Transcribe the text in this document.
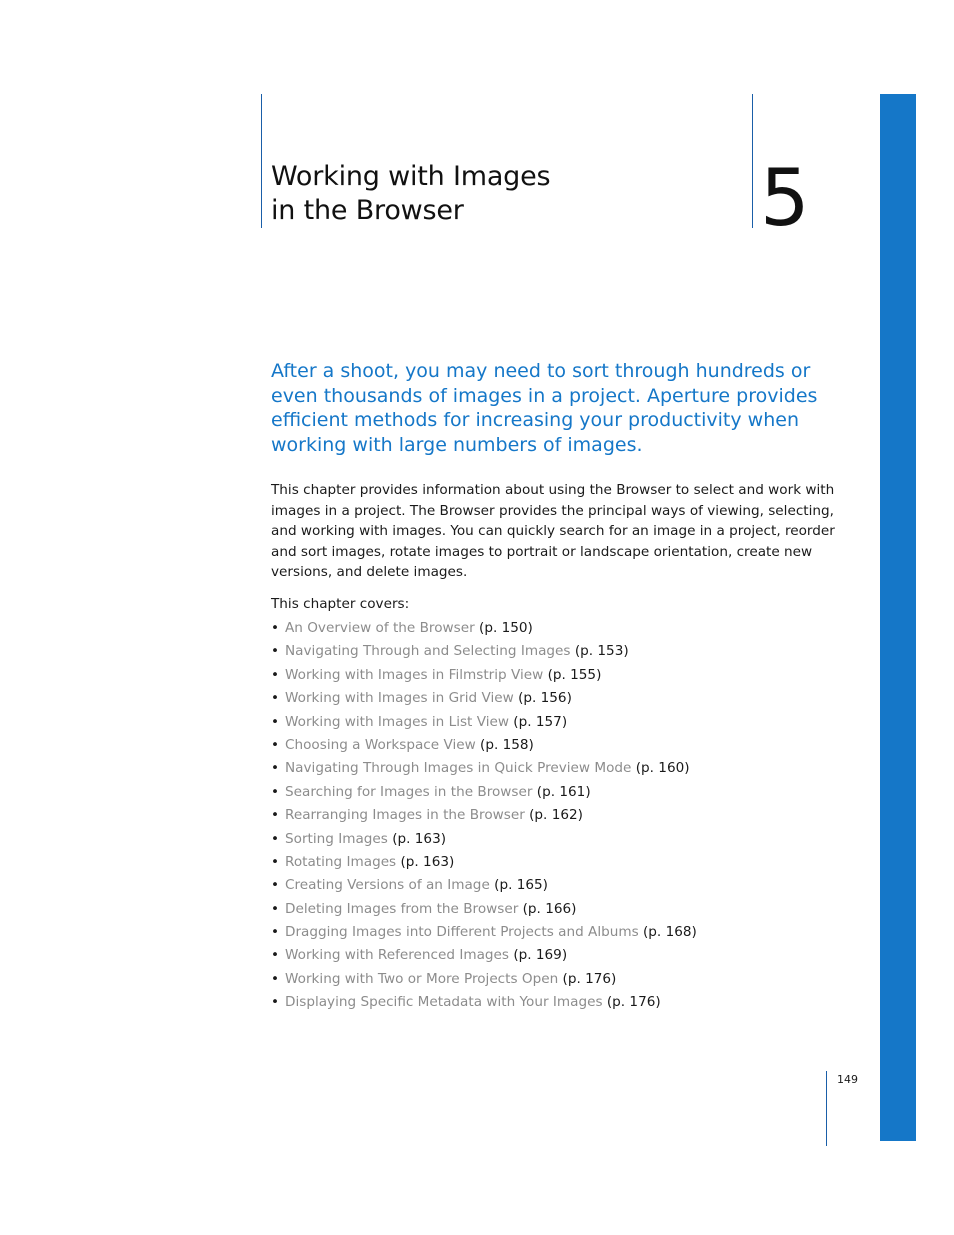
Working with Images
in the Browser	5

After a shoot, you may need to sort through hundreds or
even thousands of images in a project. Aperture provides
efficient methods for increasing your productivity when
working with large numbers of images.

This chapter provides information about using the Browser to select and work with
images in a project. The Browser provides the principal ways of viewing, selecting,
and working with images. You can quickly search for an image in a project, reorder
and sort images, rotate images to portrait or landscape orientation, create new
versions, and delete images.

This chapter covers:

• An Overview of the Browser (p. 150)
• Navigating Through and Selecting Images (p. 153)
• Working with Images in Filmstrip View (p. 155)
• Working with Images in Grid View (p. 156)
• Working with Images in List View (p. 157)
• Choosing a Workspace View (p. 158)
• Navigating Through Images in Quick Preview Mode (p. 160)
• Searching for Images in the Browser (p. 161)
• Rearranging Images in the Browser (p. 162)
• Sorting Images (p. 163)
• Rotating Images (p. 163)
• Creating Versions of an Image (p. 165)
• Deleting Images from the Browser (p. 166)
• Dragging Images into Different Projects and Albums (p. 168)
• Working with Referenced Images (p. 169)
• Working with Two or More Projects Open (p. 176)
• Displaying Specific Metadata with Your Images (p. 176)
149
